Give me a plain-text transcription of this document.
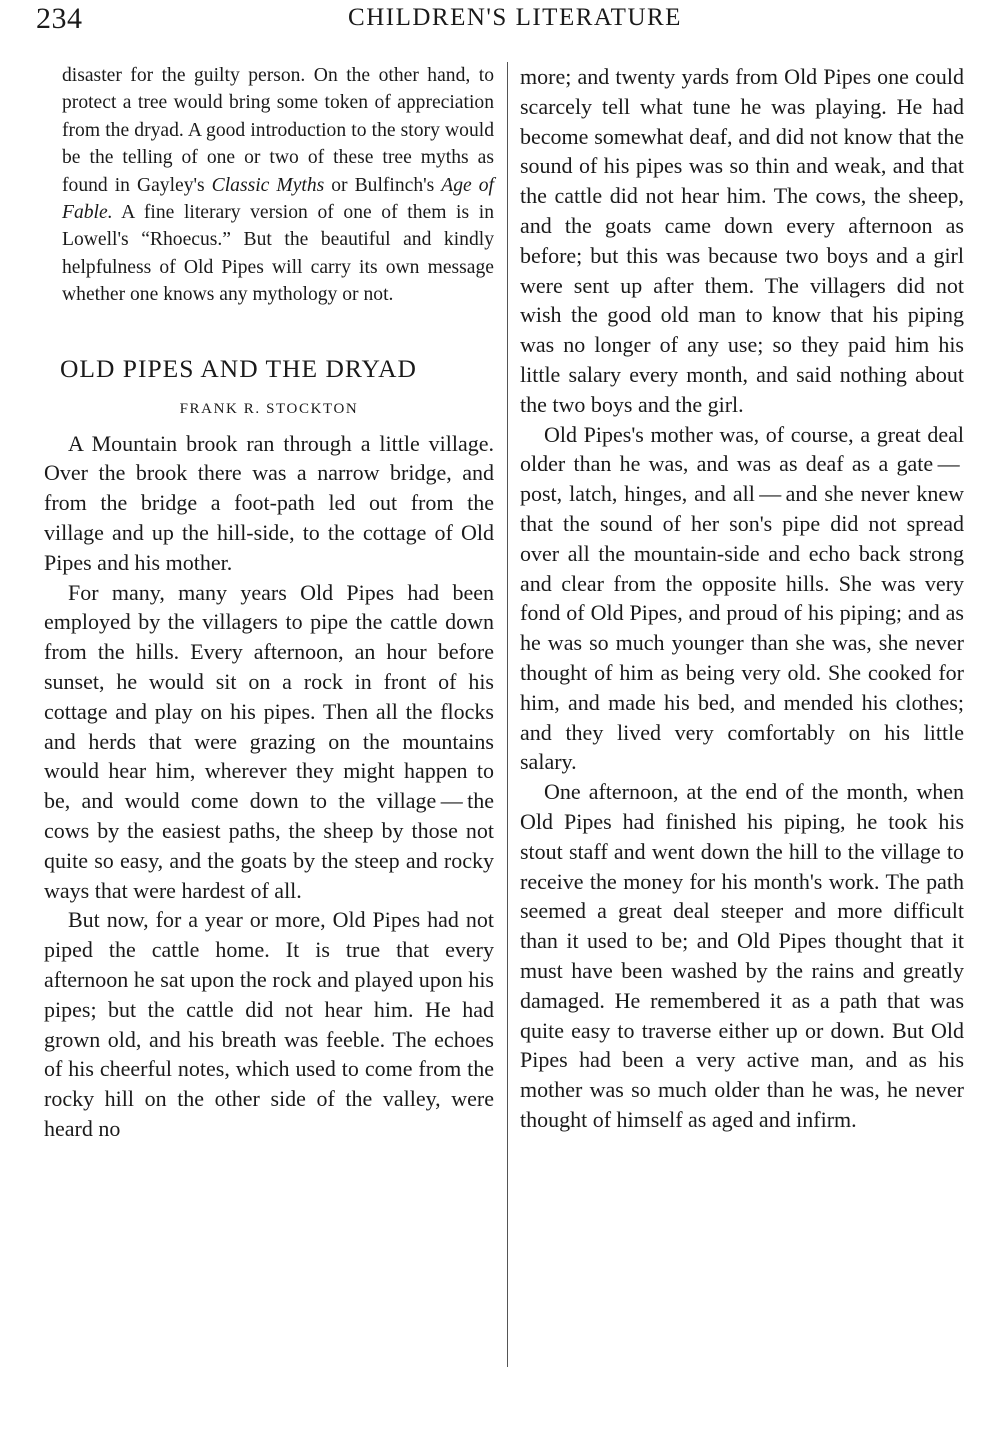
234	CHILDREN'S LITERATURE

disaster for the guilty person. On the other hand, to protect a tree would bring some token of appreciation from the dryad. A good introduction to the story would be the telling of one or two of these tree myths as found in Gayley's Classic Myths or Bulfinch's Age of Fable. A fine literary version of one of them is in Lowell's “Rhoecus.” But the beautiful and kindly helpfulness of Old Pipes will carry its own message whether one knows any mythology or not.

OLD PIPES AND THE DRYAD
FRANK R. STOCKTON

A Mountain brook ran through a little village. Over the brook there was a narrow bridge, and from the bridge a foot-path led out from the village and up the hill-side, to the cottage of Old Pipes and his mother.

For many, many years Old Pipes had been employed by the villagers to pipe the cattle down from the hills. Every afternoon, an hour before sunset, he would sit on a rock in front of his cottage and play on his pipes. Then all the flocks and herds that were grazing on the mountains would hear him, wherever they might happen to be, and would come down to the village — the cows by the easiest paths, the sheep by those not quite so easy, and the goats by the steep and rocky ways that were hardest of all.

But now, for a year or more, Old Pipes had not piped the cattle home. It is true that every afternoon he sat upon the rock and played upon his pipes; but the cattle did not hear him. He had grown old, and his breath was feeble. The echoes of his cheerful notes, which used to come from the rocky hill on the other side of the valley, were heard no

more; and twenty yards from Old Pipes one could scarcely tell what tune he was playing. He had become somewhat deaf, and did not know that the sound of his pipes was so thin and weak, and that the cattle did not hear him. The cows, the sheep, and the goats came down every afternoon as before; but this was because two boys and a girl were sent up after them. The villagers did not wish the good old man to know that his piping was no longer of any use; so they paid him his little salary every month, and said nothing about the two boys and the girl.

Old Pipes's mother was, of course, a great deal older than he was, and was as deaf as a gate — post, latch, hinges, and all — and she never knew that the sound of her son's pipe did not spread over all the mountain-side and echo back strong and clear from the opposite hills. She was very fond of Old Pipes, and proud of his piping; and as he was so much younger than she was, she never thought of him as being very old. She cooked for him, and made his bed, and mended his clothes; and they lived very comfortably on his little salary.

One afternoon, at the end of the month, when Old Pipes had finished his piping, he took his stout staff and went down the hill to the village to receive the money for his month's work. The path seemed a great deal steeper and more difficult than it used to be; and Old Pipes thought that it must have been washed by the rains and greatly damaged. He remembered it as a path that was quite easy to traverse either up or down. But Old Pipes had been a very active man, and as his mother was so much older than he was, he never thought of himself as aged and infirm.
